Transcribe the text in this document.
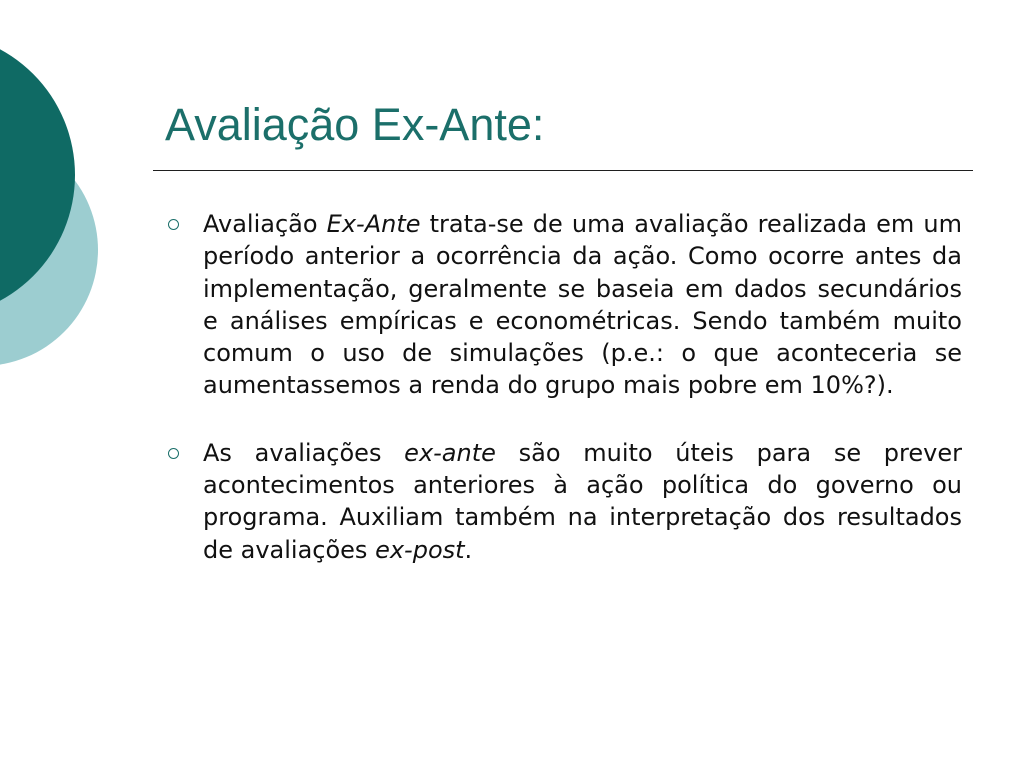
Avaliação Ex-Ante:
Avaliação Ex-Ante trata-se de uma avaliação realizada em um período anterior a ocorrência da ação. Como ocorre antes da implementação, geralmente se baseia em dados secundários e análises empíricas e econométricas. Sendo também muito comum o uso de simulações (p.e.: o que aconteceria se aumentassemos a renda do grupo mais pobre em 10%?).
As avaliações ex-ante são muito úteis para se prever acontecimentos anteriores à ação política do governo ou programa. Auxiliam também na interpretação dos resultados de avaliações ex-post.
